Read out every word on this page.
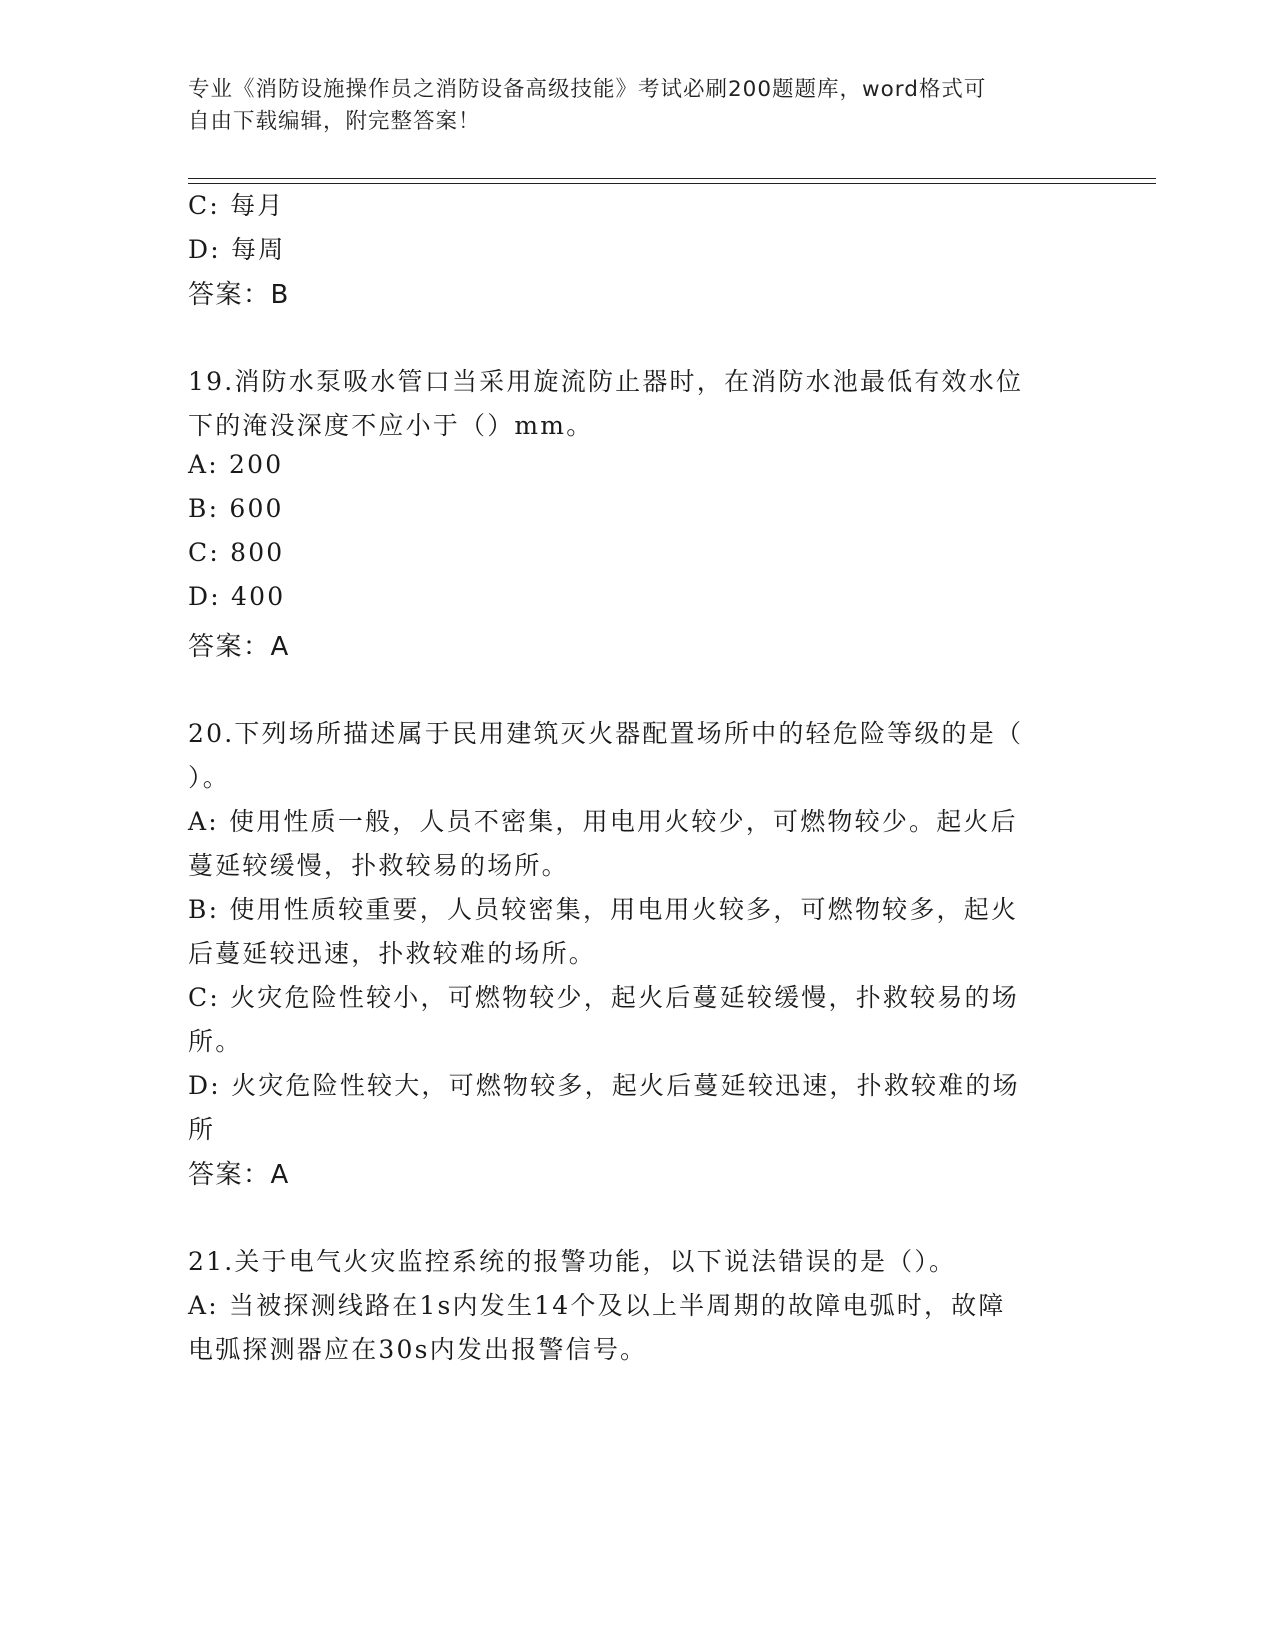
专业《消防设施操作员之消防设备高级技能》考试必刷200题题库，word格式可
自由下载编辑，附完整答案！
C: 每月
D: 每周
答案：B
19.消防水泵吸水管口当采用旋流防止器时，在消防水池最低有效水位
下的淹没深度不应小于（）mm。
A: 200
B: 600
C: 800
D: 400
答案：A
20.下列场所描述属于民用建筑灭火器配置场所中的轻危险等级的是（
）。
A: 使用性质一般，人员不密集，用电用火较少，可燃物较少。起火后
蔓延较缓慢，扑救较易的场所。
B: 使用性质较重要，人员较密集，用电用火较多，可燃物较多，起火
后蔓延较迅速，扑救较难的场所。
C: 火灾危险性较小，可燃物较少，起火后蔓延较缓慢，扑救较易的场
所。
D: 火灾危险性较大，可燃物较多，起火后蔓延较迅速，扑救较难的场
所
答案：A
21.关于电气火灾监控系统的报警功能，以下说法错误的是（）。
A: 当被探测线路在1s内发生14个及以上半周期的故障电弧时，故障
电弧探测器应在30s内发出报警信号。
